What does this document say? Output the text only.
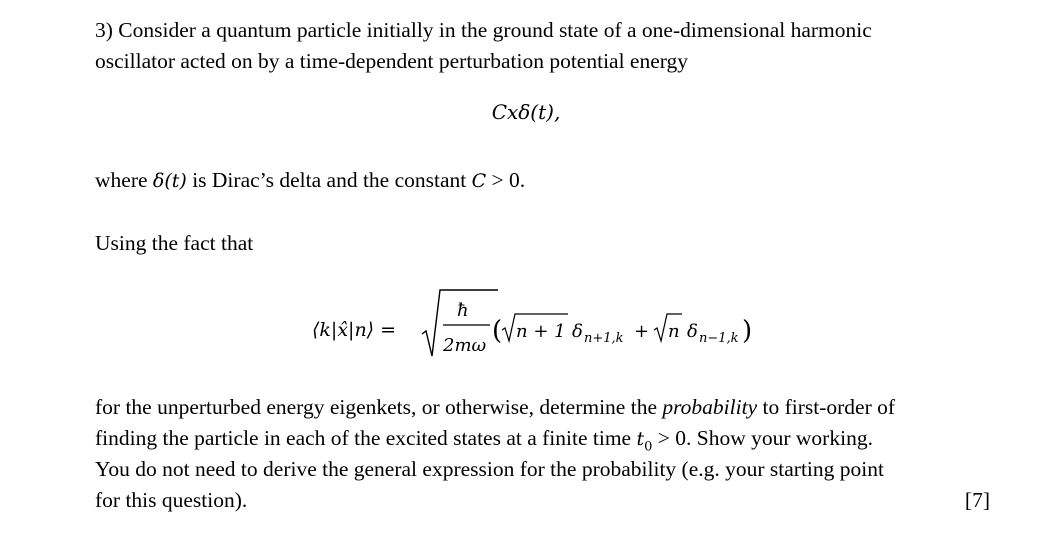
3) Consider a quantum particle initially in the ground state of a one-dimensional harmonic
oscillator acted on by a time-dependent perturbation potential energy
Cxδ(t),
where δ(t) is Dirac’s delta and the constant C > 0.
Using the fact that
⟨k|x̂|n⟩ =
ħ
2mω ( n + 1 δ n+1,k + n δ n−1,k )
for the unperturbed energy eigenkets, or otherwise, determine the probability to first-order of
finding the particle in each of the excited states at a finite time $t_0 > 0$. Show your working.
You do not need to derive the general expression for the probability (e.g. your starting point
for this question).	[7]
